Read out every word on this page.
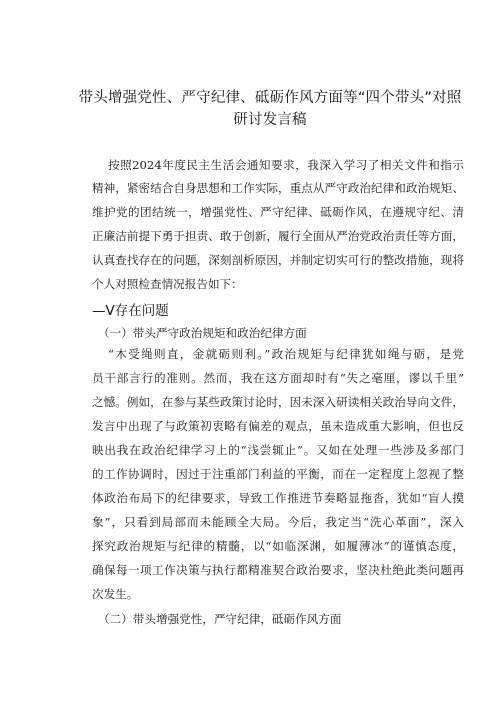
带头增强党性、严守纪律、砥砺作风方面等“四个带头”对照
研讨发言稿
按照2024年度民主生活会通知要求，我深入学习了相关文件和指示
精神，紧密结合自身思想和工作实际，重点从严守政治纪律和政治规矩、
维护党的团结统一，增强党性、严守纪律、砥砺作风，在遵规守纪、清
正廉洁前提下勇于担责、敢于创新，履行全面从严治党政治责任等方面，
认真查找存在的问题，深刻剖析原因，并制定切实可行的整改措施，现将
个人对照检查情况报告如下：
—V存在问题
（一）带头严守政治规矩和政治纪律方面
“木受绳则直，金就砺则利。”政治规矩与纪律犹如绳与砺，是党
员干部言行的准则。然而，我在这方面却时有“失之毫厘，谬以千里”
之憾。例如，在参与某些政策讨论时，因未深入研读相关政治导向文件，
发言中出现了与政策初衷略有偏差的观点，虽未造成重大影响，但也反
映出我在政治纪律学习上的“浅尝辄止”。又如在处理一些涉及多部门
的工作协调时，因过于注重部门利益的平衡，而在一定程度上忽视了整
体政治布局下的纪律要求，导致工作推进节奏略显拖沓，犹如“盲人摸
象”，只看到局部而未能顾全大局。今后，我定当“洗心革面”，深入
探究政治规矩与纪律的精髓，以“如临深渊，如履薄冰”的谨慎态度，
确保每一项工作决策与执行都精准契合政治要求，坚决杜绝此类问题再
次发生。
（二）带头增强党性，严守纪律，砥砺作风方面
